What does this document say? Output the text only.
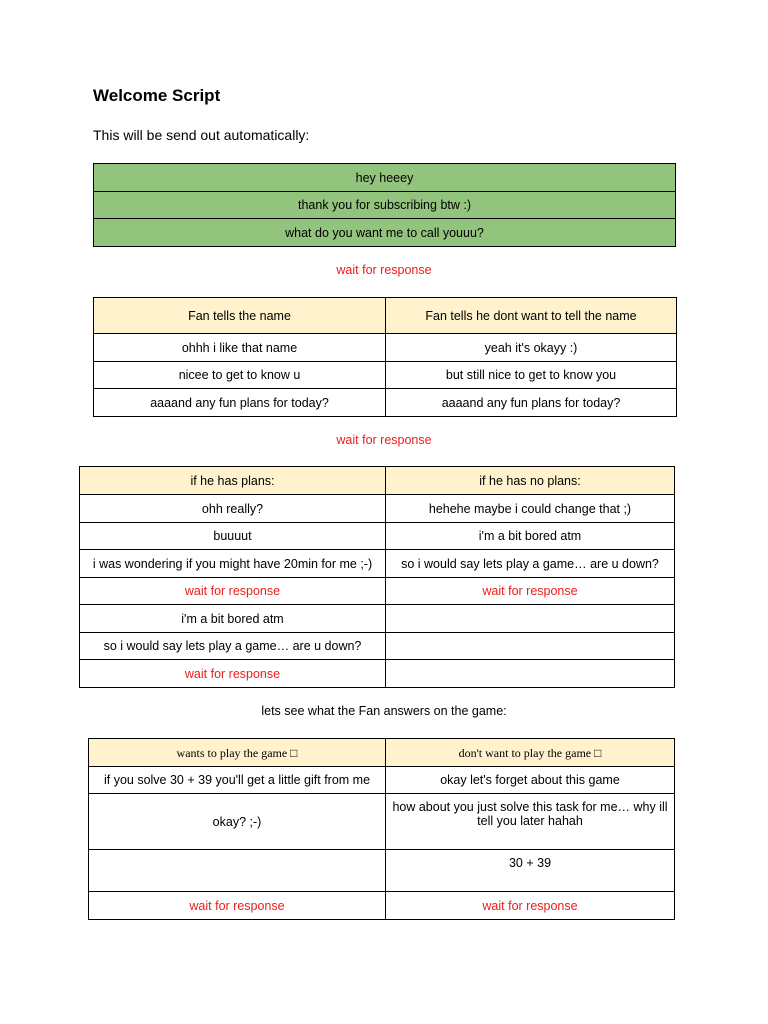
Welcome Script
This will be send out automatically:
hey heeey
thank you for subscribing btw :)
what do you want me to call youuu?
wait for response
Fan tells the name	Fan tells he dont want to tell the name
ohhh i like that name	yeah it's okayy :)
nicee to get to know u	but still nice to get to know you
aaaand any fun plans for today?	aaaand any fun plans for today?
wait for response
if he has plans:	if he has no plans:
ohh really?	hehehe maybe i could change that ;)
buuuut	i'm a bit bored atm
i was wondering if you might have 20min for me ;-)	so i would say lets play a game… are u down?
wait for response	wait for response
i'm a bit bored atm	
so i would say lets play a game… are u down?	
wait for response	
lets see what the Fan answers on the game:
wants to play the game □	don't want to play the game □
if you solve 30 + 39 you'll get a little gift from me	okay let's forget about this game
okay? ;-)	how about you just solve this task for me… why ill tell you later hahah
	30 + 39
wait for response	wait for response
